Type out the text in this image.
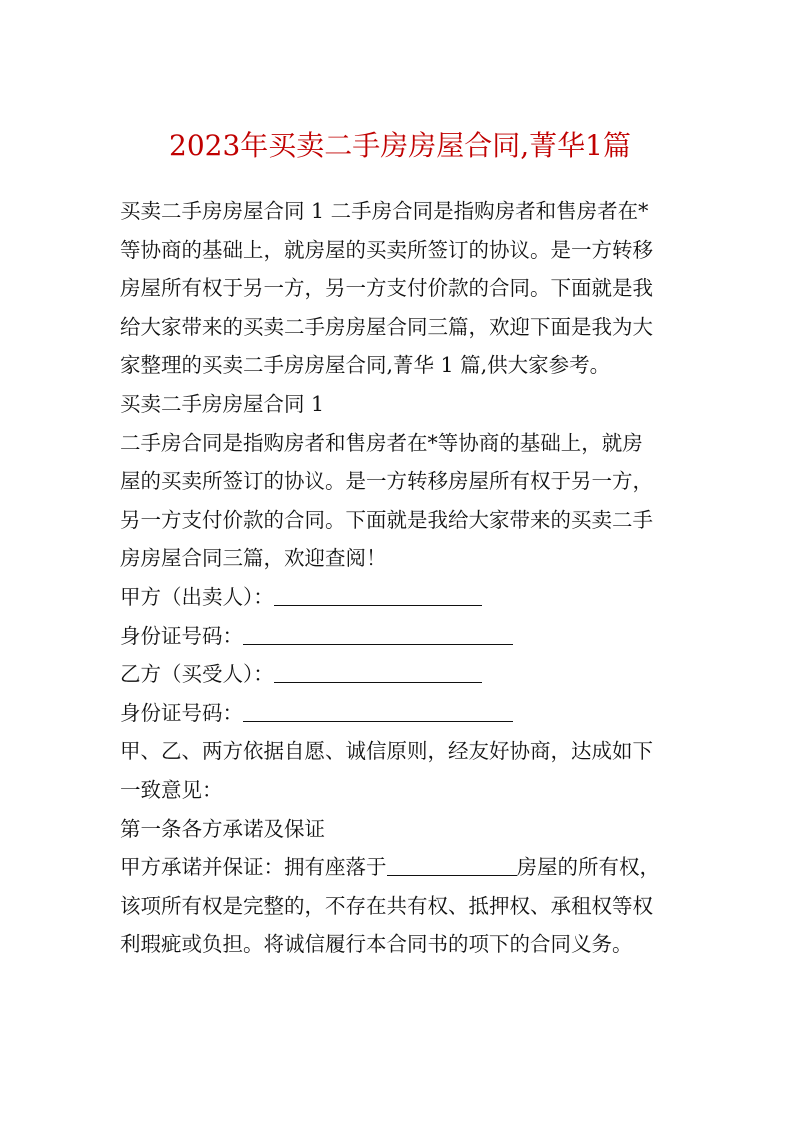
2023年买卖二手房房屋合同,菁华1篇
买卖二手房房屋合同 1 二手房合同是指购房者和售房者在*
等协商的基础上，就房屋的买卖所签订的协议。是一方转移
房屋所有权于另一方，另一方支付价款的合同。下面就是我
给大家带来的买卖二手房房屋合同三篇，欢迎下面是我为大
家整理的买卖二手房房屋合同,菁华 1 篇,供大家参考。
买卖二手房房屋合同 1
二手房合同是指购房者和售房者在*等协商的基础上，就房
屋的买卖所签订的协议。是一方转移房屋所有权于另一方，
另一方支付价款的合同。下面就是我给大家带来的买卖二手
房房屋合同三篇，欢迎查阅！
甲方（出卖人）：
身份证号码：
乙方（买受人）：
身份证号码：
甲、乙、两方依据自愿、诚信原则，经友好协商，达成如下
一致意见：
第一条各方承诺及保证
甲方承诺并保证：拥有座落于	房屋的所有权，
该项所有权是完整的，不存在共有权、抵押权、承租权等权
利瑕疵或负担。将诚信履行本合同书的项下的合同义务。
